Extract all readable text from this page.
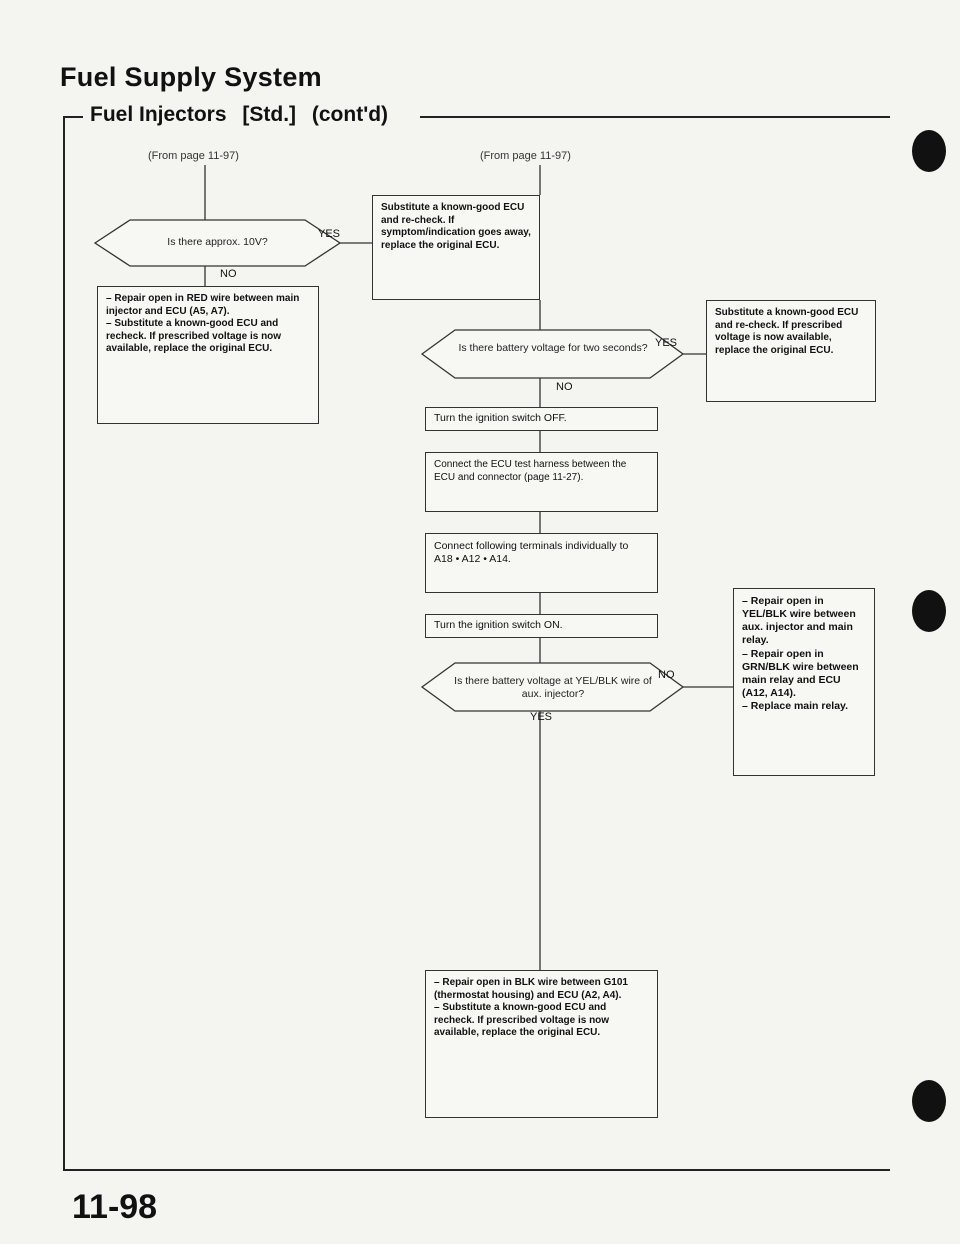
Fuel Supply System
Fuel Injectors [Std.] (cont'd)
(From page 11-97)
Is there approx. 10V?
YES
NO
Substitute a known-good ECU and re-check. If symptom/indication goes away, replace the original ECU.
– Repair open in RED wire between main injector and ECU (A5, A7).
– Substitute a known-good ECU and recheck. If prescribed voltage is now available, replace the original ECU.
(From page 11-97)
Is there battery voltage for two seconds? YES
NO
Substitute a known-good ECU and re-check. If prescribed voltage is now available, replace the original ECU.
Turn the ignition switch OFF.
Connect the ECU test harness between the ECU and connector (page 11-27).
Connect following terminals individually to A18 • A12 • A14.
Turn the ignition switch ON.
Is there battery voltage at YEL/BLK wire of aux. injector?
NO
YES
– Repair open in YEL/BLK wire between aux. injector and main relay.
– Repair open in GRN/BLK wire between main relay and ECU (A12, A14).
– Replace main relay.
– Repair open in BLK wire between G101 (thermostat housing) and ECU (A2, A4).
– Substitute a known-good ECU and recheck. If prescribed voltage is now available, replace the original ECU.
11-98
